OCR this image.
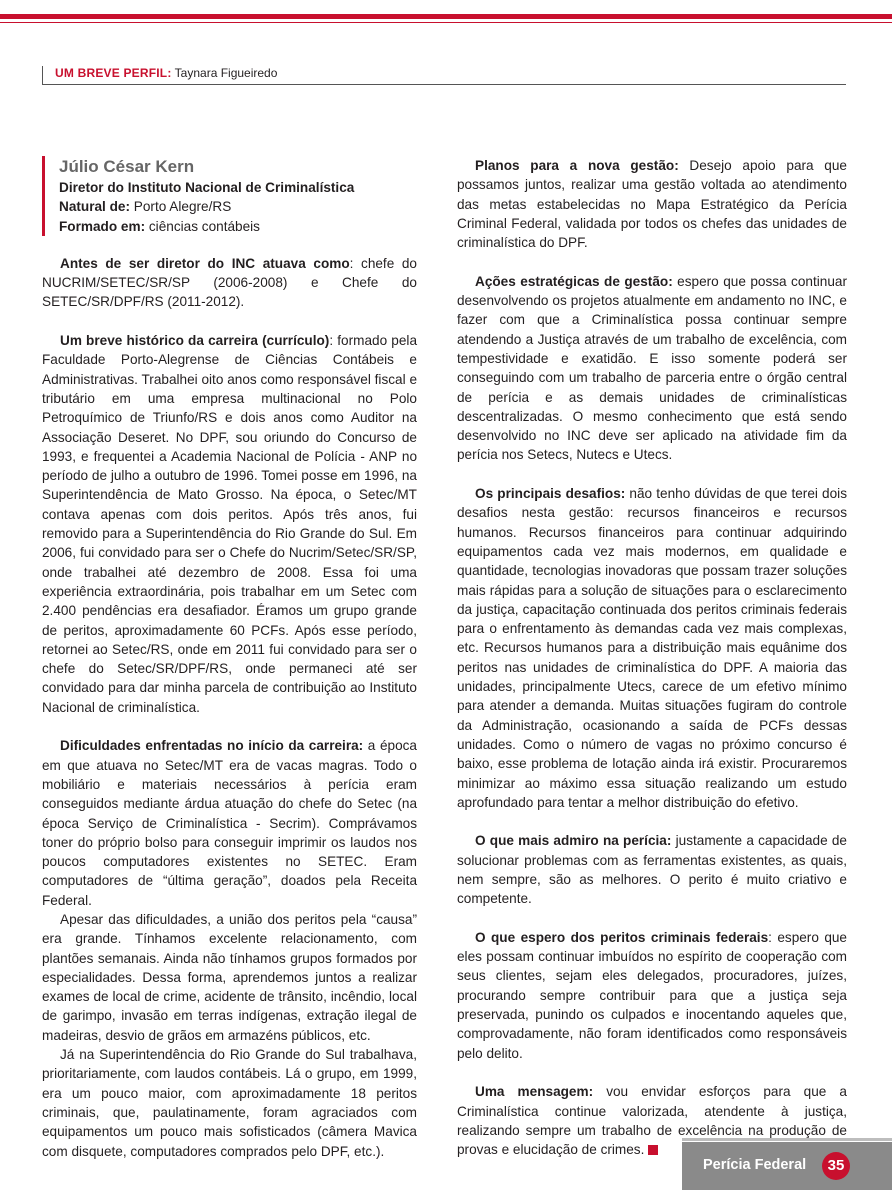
UM BREVE PERFIL: Taynara Figueiredo
Júlio César Kern
Diretor do Instituto Nacional de Criminalística
Natural de: Porto Alegre/RS
Formado em: ciências contábeis

Antes de ser diretor do INC atuava como: chefe do NUCRIM/SETEC/SR/SP (2006-2008) e Chefe do SETEC/SR/DPF/RS (2011-2012).

Um breve histórico da carreira (currículo): formado pela Faculdade Porto-Alegrense de Ciências Contábeis e Administrativas. Trabalhei oito anos como responsável fiscal e tributário em uma empresa multinacional no Polo Petroquímico de Triunfo/RS e dois anos como Auditor na Associação Deseret. No DPF, sou oriundo do Concurso de 1993, e frequentei a Academia Nacional de Polícia - ANP no período de julho a outubro de 1996. Tomei posse em 1996, na Superintendência de Mato Grosso. Na época, o Setec/MT contava apenas com dois peritos. Após três anos, fui removido para a Superintendência do Rio Grande do Sul. Em 2006, fui convidado para ser o Chefe do Nucrim/Setec/SR/SP, onde trabalhei até dezembro de 2008. Essa foi uma experiência extraordinária, pois trabalhar em um Setec com 2.400 pendências era desafiador. Éramos um grupo grande de peritos, aproximadamente 60 PCFs. Após esse período, retornei ao Setec/RS, onde em 2011 fui convidado para ser o chefe do Setec/SR/DPF/RS, onde permaneci até ser convidado para dar minha parcela de contribuição ao Instituto Nacional de criminalística.

Dificuldades enfrentadas no início da carreira: a época em que atuava no Setec/MT era de vacas magras. Todo o mobiliário e materiais necessários à perícia eram conseguidos mediante árdua atuação do chefe do Setec (na época Serviço de Criminalística - Secrim). Comprávamos toner do próprio bolso para conseguir imprimir os laudos nos poucos computadores existentes no SETEC. Eram computadores de “última geração”, doados pela Receita Federal.

Apesar das dificuldades, a união dos peritos pela “causa” era grande. Tínhamos excelente relacionamento, com plantões semanais. Ainda não tínhamos grupos formados por especialidades. Dessa forma, aprendemos juntos a realizar exames de local de crime, acidente de trânsito, incêndio, local de garimpo, invasão em terras indígenas, extração ilegal de madeiras, desvio de grãos em armazéns públicos, etc.

Já na Superintendência do Rio Grande do Sul trabalhava, prioritariamente, com laudos contábeis. Lá o grupo, em 1999, era um pouco maior, com aproximadamente 18 peritos criminais, que, paulatinamente, foram agraciados com equipamentos um pouco mais sofisticados (câmera Mavica com disquete, computadores comprados pelo DPF, etc.).

Planos para a nova gestão: Desejo apoio para que possamos juntos, realizar uma gestão voltada ao atendimento das metas estabelecidas no Mapa Estratégico da Perícia Criminal Federal, validada por todos os chefes das unidades de criminalística do DPF.

Ações estratégicas de gestão: espero que possa continuar desenvolvendo os projetos atualmente em andamento no INC, e fazer com que a Criminalística possa continuar sempre atendendo a Justiça através de um trabalho de excelência, com tempestividade e exatidão. E isso somente poderá ser conseguindo com um trabalho de parceria entre o órgão central de perícia e as demais unidades de criminalísticas descentralizadas. O mesmo conhecimento que está sendo desenvolvido no INC deve ser aplicado na atividade fim da perícia nos Setecs, Nutecs e Utecs.

Os principais desafios: não tenho dúvidas de que terei dois desafios nesta gestão: recursos financeiros e recursos humanos. Recursos financeiros para continuar adquirindo equipamentos cada vez mais modernos, em qualidade e quantidade, tecnologias inovadoras que possam trazer soluções mais rápidas para a solução de situações para o esclarecimento da justiça, capacitação continuada dos peritos criminais federais para o enfrentamento às demandas cada vez mais complexas, etc. Recursos humanos para a distribuição mais equânime dos peritos nas unidades de criminalística do DPF. A maioria das unidades, principalmente Utecs, carece de um efetivo mínimo para atender a demanda. Muitas situações fugiram do controle da Administração, ocasionando a saída de PCFs dessas unidades. Como o número de vagas no próximo concurso é baixo, esse problema de lotação ainda irá existir. Procuraremos minimizar ao máximo essa situação realizando um estudo aprofundado para tentar a melhor distribuição do efetivo.

O que mais admiro na perícia: justamente a capacidade de solucionar problemas com as ferramentas existentes, as quais, nem sempre, são as melhores. O perito é muito criativo e competente.

O que espero dos peritos criminais federais: espero que eles possam continuar imbuídos no espírito de cooperação com seus clientes, sejam eles delegados, procuradores, juízes, procurando sempre contribuir para que a justiça seja preservada, punindo os culpados e inocentando aqueles que, comprovadamente, não foram identificados como responsáveis pelo delito.

Uma mensagem: vou envidar esforços para que a Criminalística continue valorizada, atendente à justiça, realizando sempre um trabalho de excelência na produção de provas e elucidação de crimes.

Perícia Federal	35
